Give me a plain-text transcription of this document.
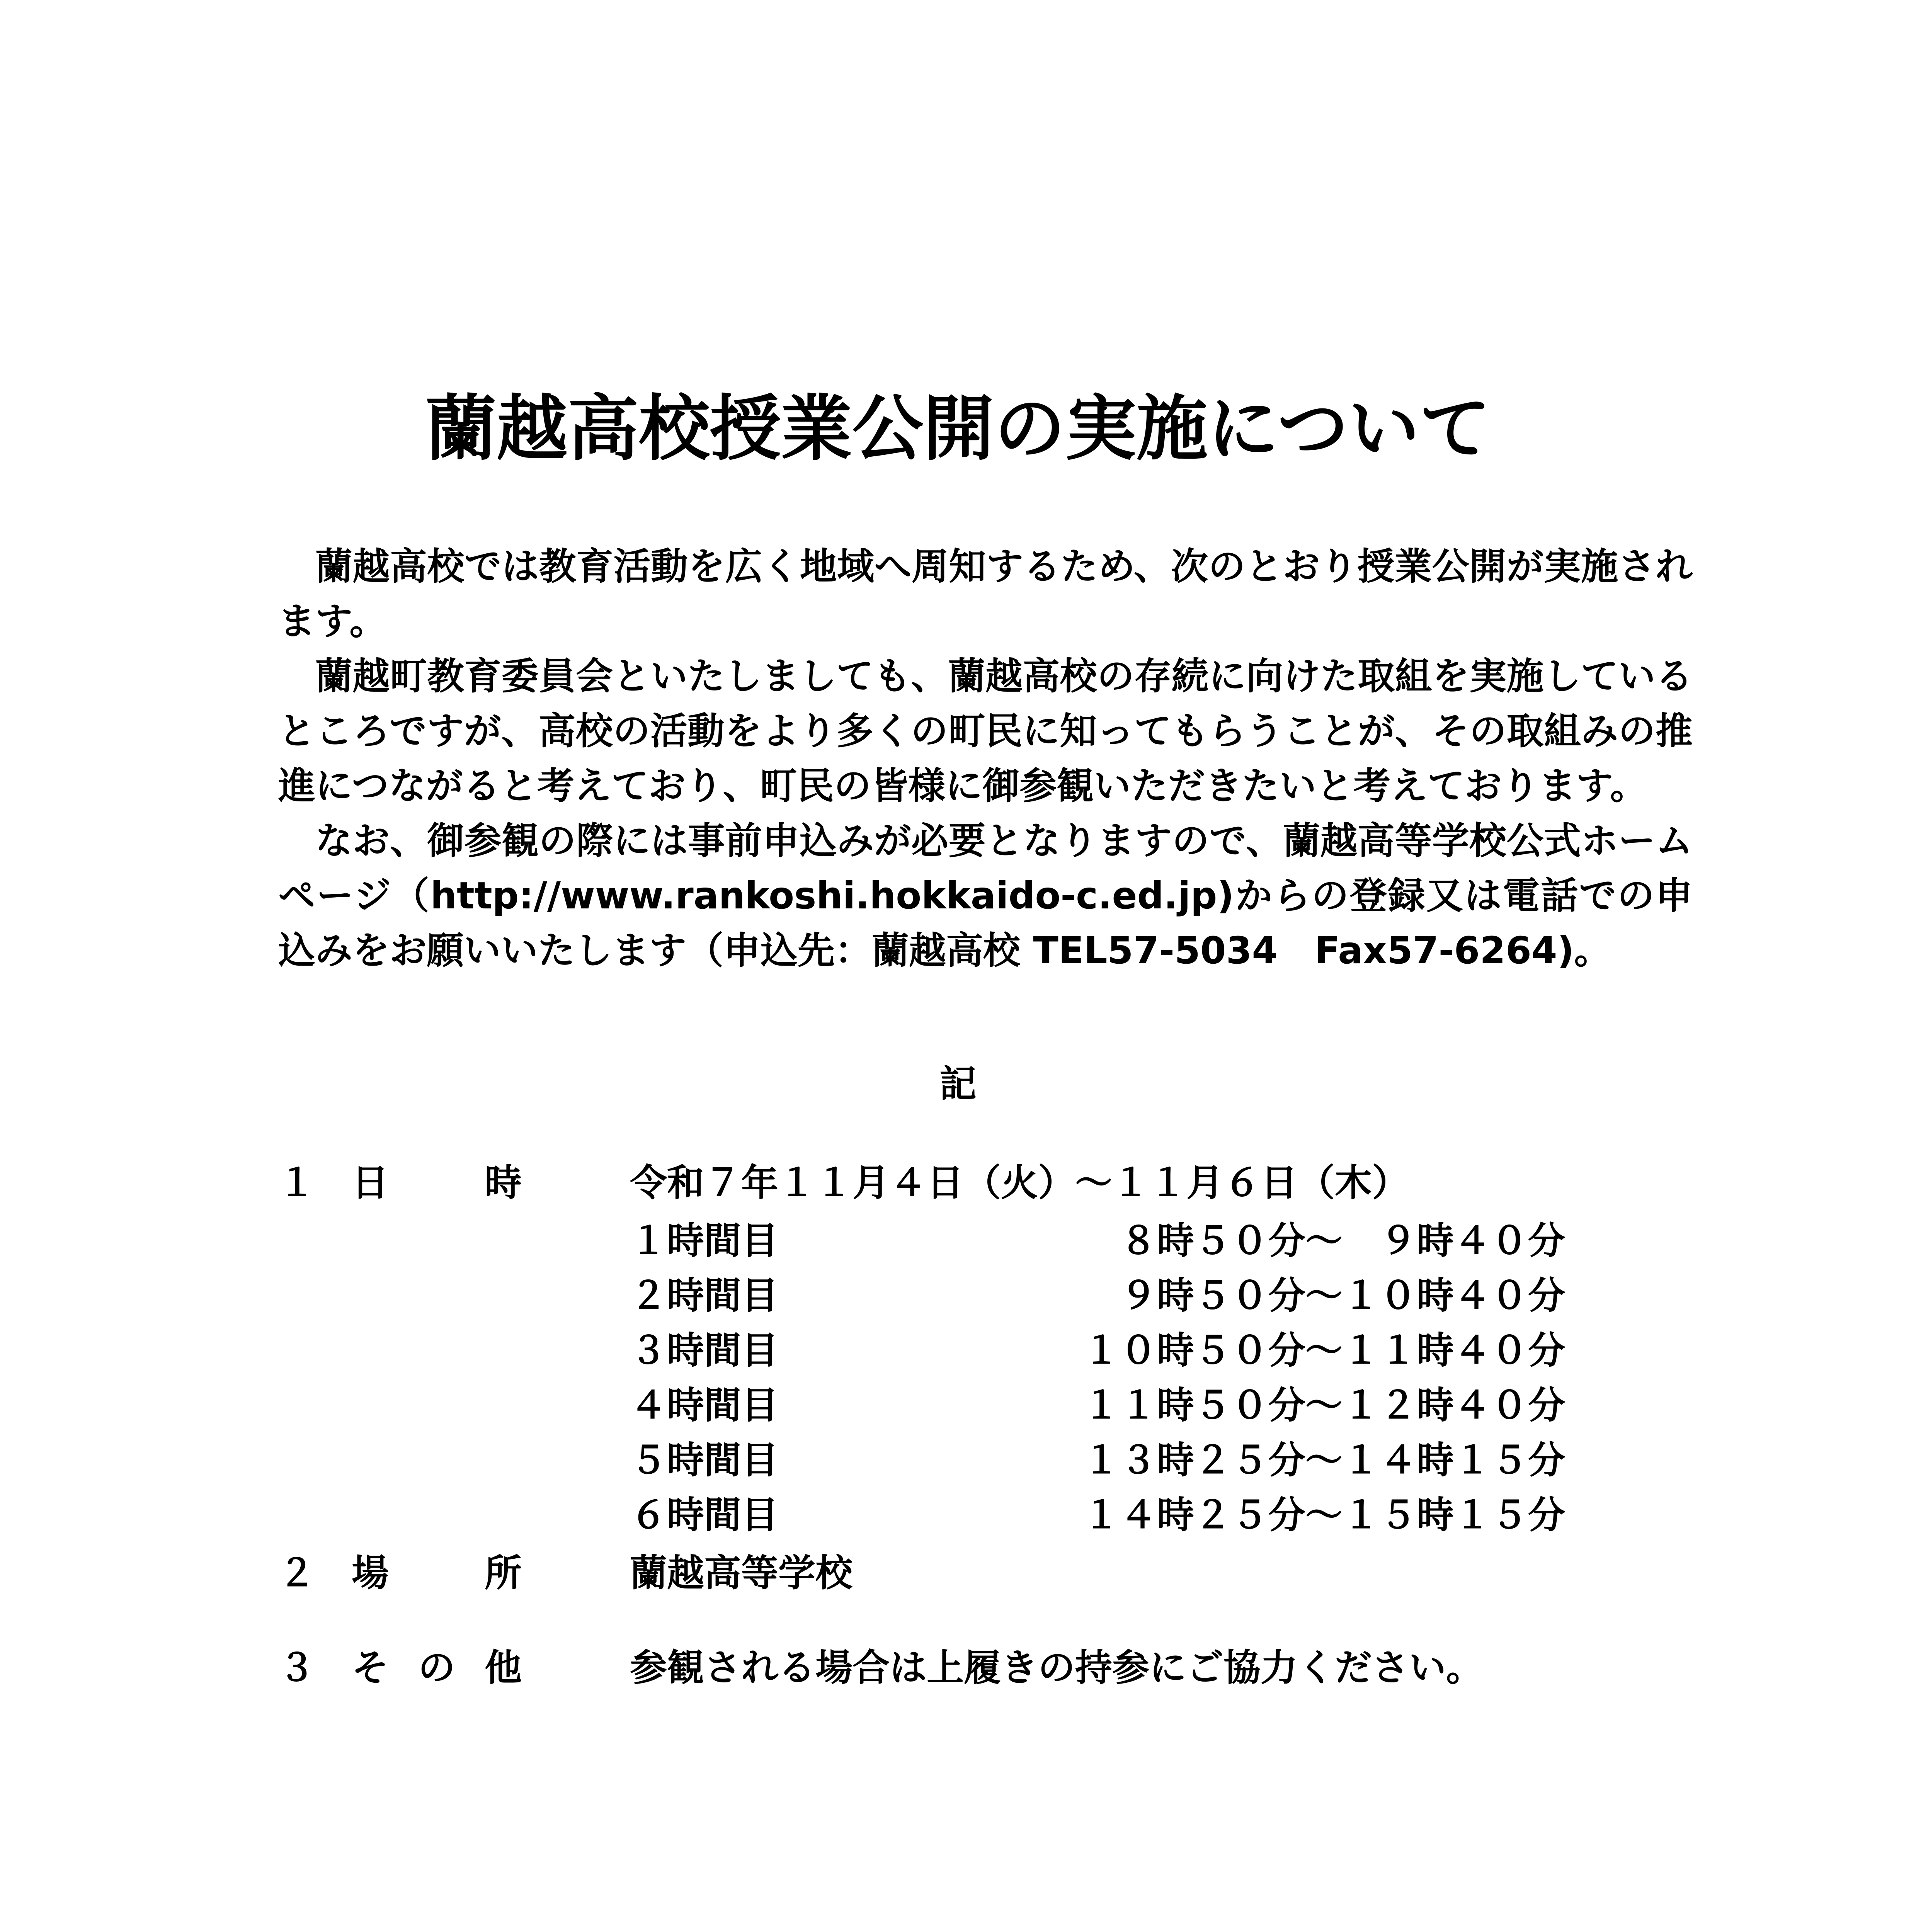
蘭越高校授業公開の実施について

蘭越高校では教育活動を広く地域へ周知するため、次のとおり授業公開が実施されます。

蘭越町教育委員会といたしましても、蘭越高校の存続に向けた取組を実施しているところですが、高校の活動をより多くの町民に知ってもらうことが、その取組みの推進につながると考えており、町民の皆様に御参観いただきたいと考えております。

なお、御参観の際には事前申込みが必要となりますので、蘭越高等学校公式ホームページ（http://www.rankoshi.hokkaido-c.ed.jp)からの登録又は電話での申込みをお願いいたします（申込先：蘭越高校 TEL57-5034　Fax57-6264)。

記
１ 日	時	令和７年１１月４日（火）～１１月６日（木）
１時間目	８時５０分～　９時４０分
２時間目	９時５０分～１０時４０分
３時間目	１０時５０分～１１時４０分
４時間目	１１時５０分～１２時４０分
５時間目	１３時２５分～１４時１５分
６時間目	１４時２５分～１５時１５分
２ 場	所	蘭越高等学校
３ そ の 他	参観される場合は上履きの持参にご協力ください。
